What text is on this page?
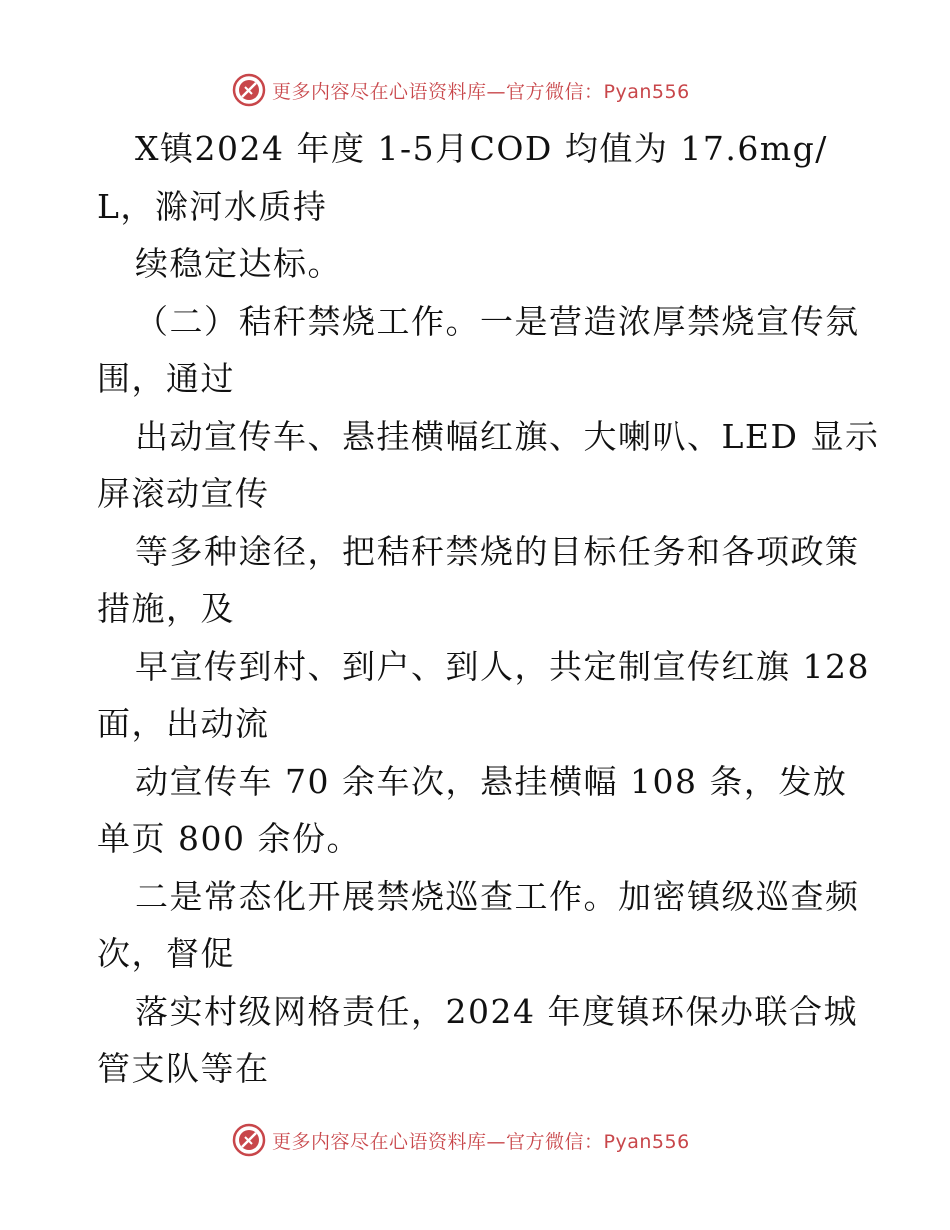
更多内容尽在心语资料库—官方微信：Pyan556
X镇2024 年度 1-5月COD 均值为 17.6mg/
L，滁河水质持
续稳定达标。
（二）秸秆禁烧工作。一是营造浓厚禁烧宣传氛
围，通过
出动宣传车、悬挂横幅红旗、大喇叭、LED 显示
屏滚动宣传
等多种途径，把秸秆禁烧的目标任务和各项政策
措施，及
早宣传到村、到户、到人，共定制宣传红旗 128
面，出动流
动宣传车 70 余车次，悬挂横幅 108 条，发放
单页 800 余份。
二是常态化开展禁烧巡查工作。加密镇级巡查频
次，督促
落实村级网格责任，2024 年度镇环保办联合城
管支队等在
更多内容尽在心语资料库—官方微信：Pyan556
